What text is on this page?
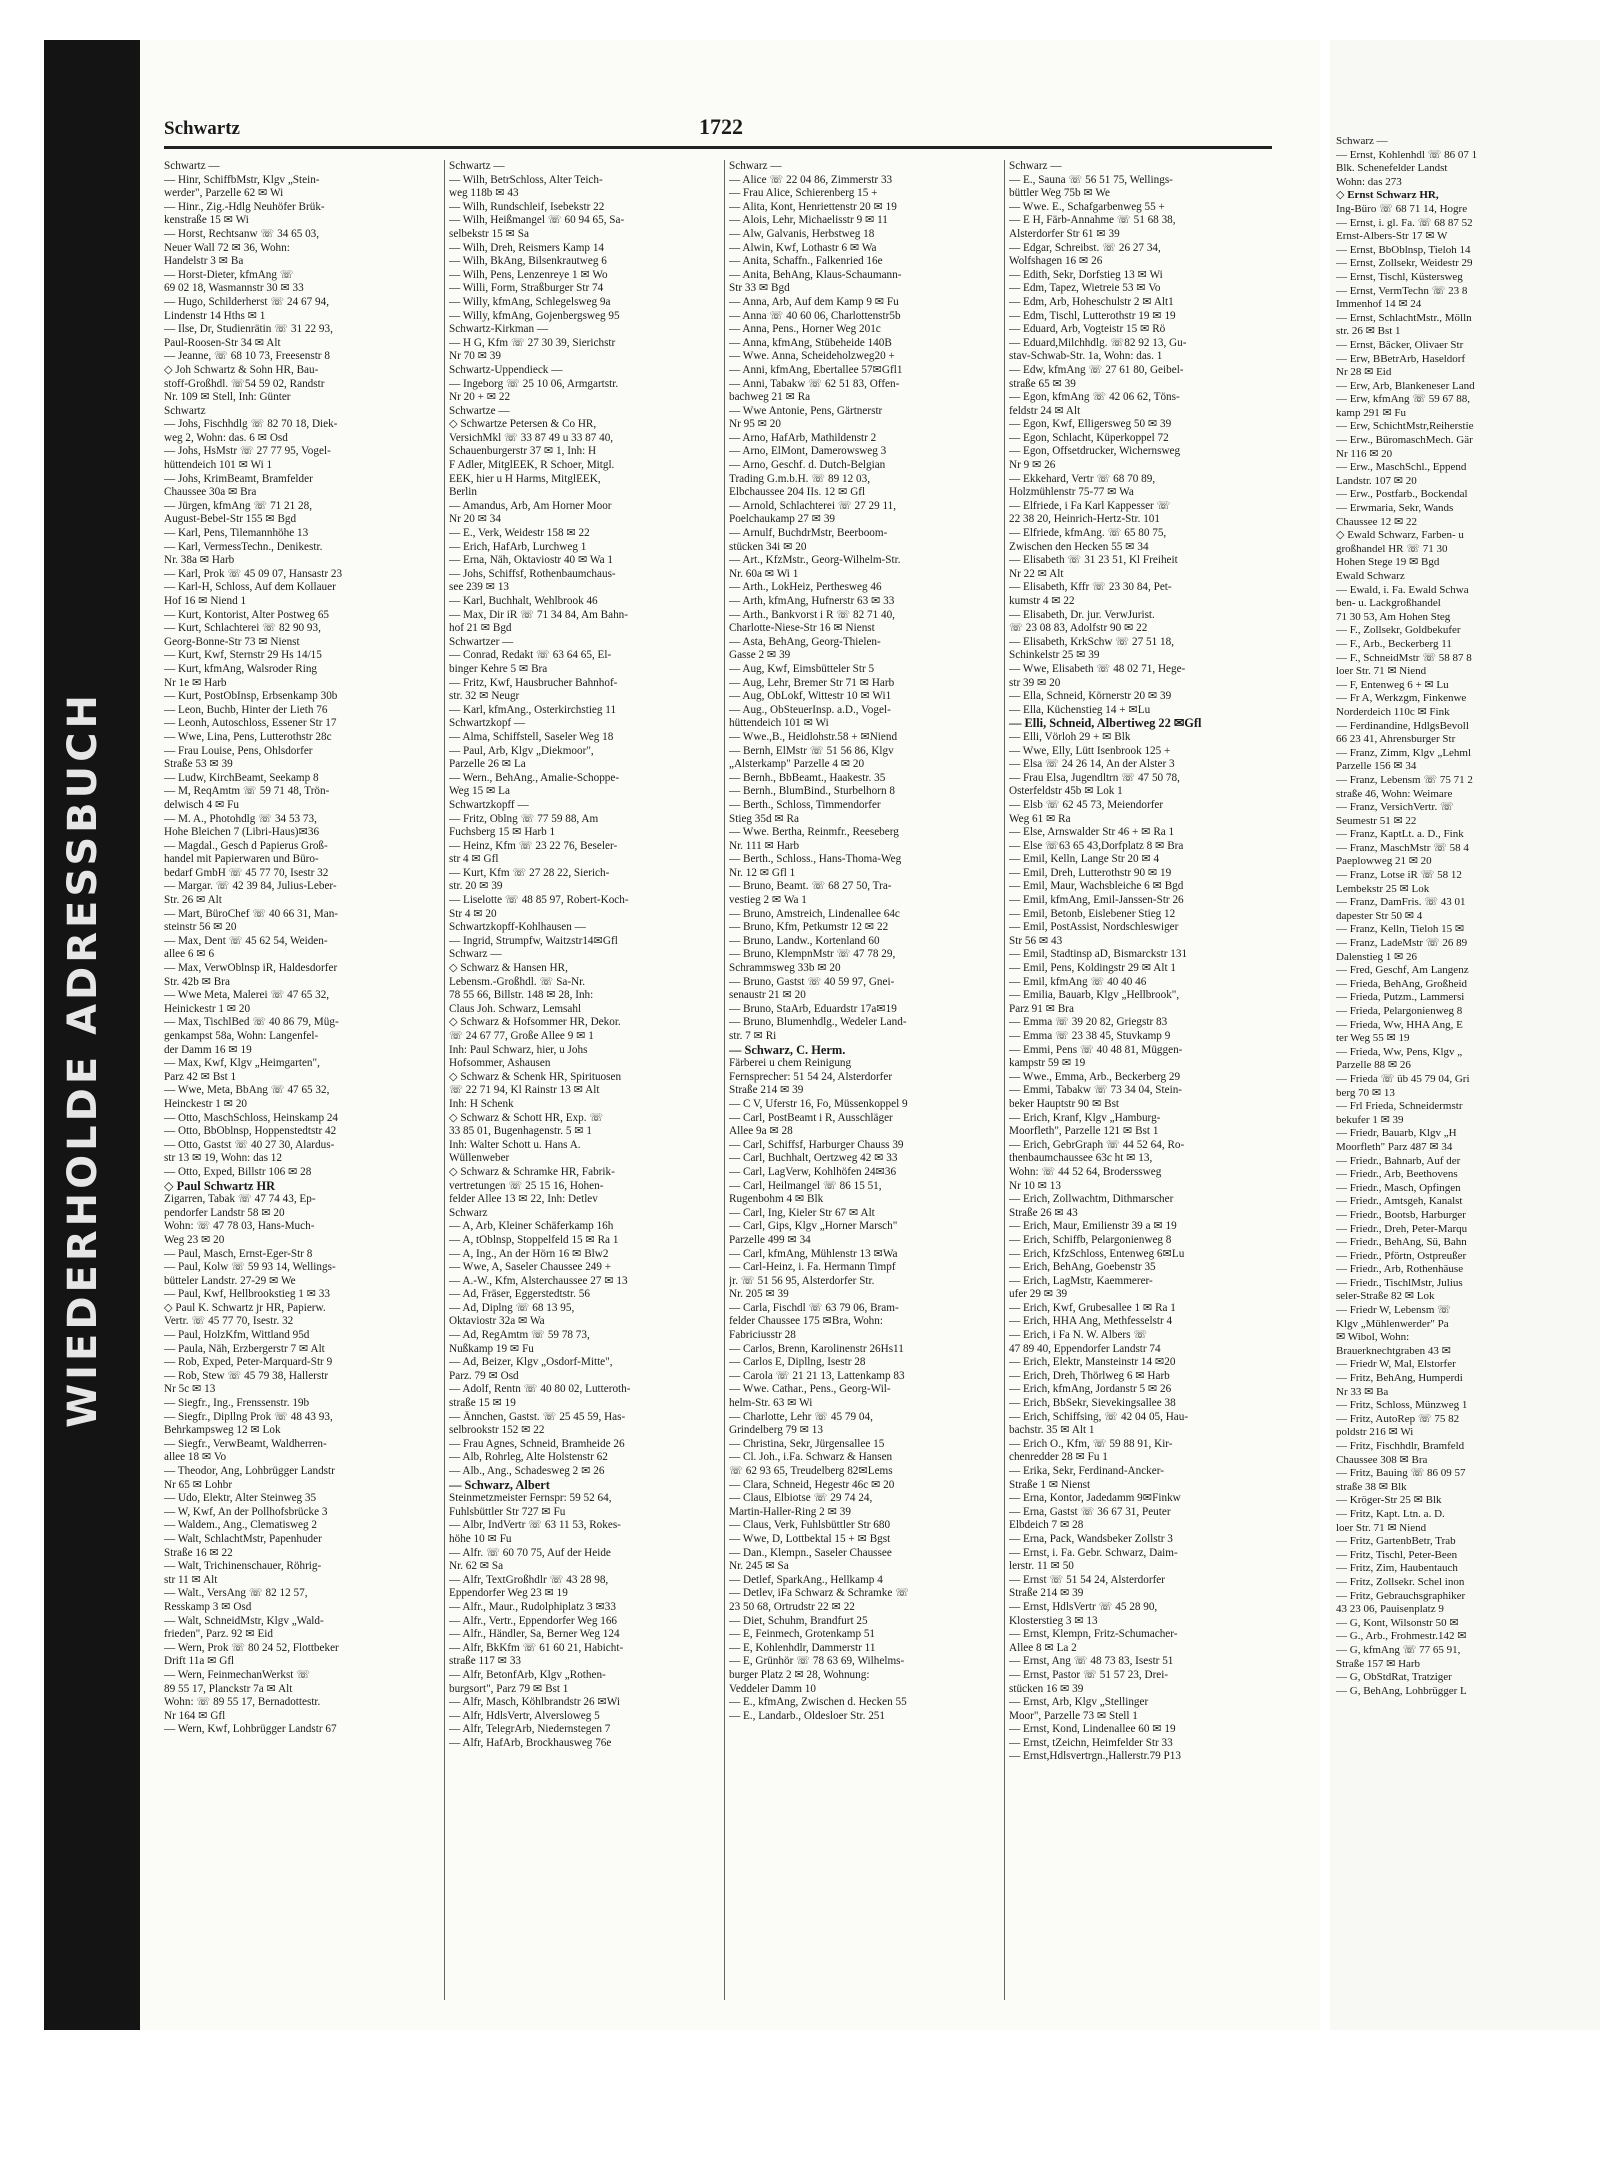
WIEDERHOLDE ADRESSBUCH
Schwartz	1722
Schwartz —
— Hinr, SchiffbMstr, Klgv „Stein-
werder", Parzelle 62 ✉ Wi
— Hinr., Zig.-Hdlg Neuhöfer Brük-
kenstraße 15 ✉ Wi
— Horst, Rechtsanw ☏ 34 65 03,
Neuer Wall 72 ✉ 36, Wohn:
Handelstr 3 ✉ Ba
— Horst-Dieter, kfmAng ☏
69 02 18, Wasmannstr 30 ✉ 33
— Hugo, Schilderherst ☏ 24 67 94,
Lindenstr 14 Hths ✉ 1
— Ilse, Dr, Studienrätin ☏ 31 22 93,
Paul-Roosen-Str 34 ✉ Alt
— Jeanne, ☏ 68 10 73, Freesenstr 8
◇ Joh Schwartz & Sohn HR, Bau-
stoff-Großhdl. ☏54 59 02, Randstr
Nr. 109 ✉ Stell, Inh: Günter
Schwartz
— Johs, Fischhdlg ☏ 82 70 18, Diek-
weg 2, Wohn: das. 6 ✉ Osd
— Johs, HsMstr ☏ 27 77 95, Vogel-
hüttendeich 101 ✉ Wi 1
— Johs, KrimBeamt, Bramfelder
Chaussee 30a ✉ Bra
— Jürgen, kfmAng ☏ 71 21 28,
August-Bebel-Str 155 ✉ Bgd
— Karl, Pens, Tilemannhöhe 13
— Karl, VermessTechn., Denikestr.
Nr. 38a ✉ Harb
— Karl, Prok ☏ 45 09 07, Hansastr 23
— Karl-H, Schloss, Auf dem Kollauer
Hof 16 ✉ Niend 1
— Kurt, Kontorist, Alter Postweg 65
— Kurt, Schlachterei ☏ 82 90 93,
Georg-Bonne-Str 73 ✉ Nienst
— Kurt, Kwf, Sternstr 29 Hs 14/15
— Kurt, kfmAng, Walsroder Ring
Nr 1e ✉ Harb
— Kurt, PostObInsp, Erbsenkamp 30b
— Leon, Buchb, Hinter der Lieth 76
— Leonh, Autoschloss, Essener Str 17
— Wwe, Lina, Pens, Lutterothstr 28c
— Frau Louise, Pens, Ohlsdorfer
Straße 53 ✉ 39
— Ludw, KirchBeamt, Seekamp 8
— M, ReqAmtm ☏ 59 71 48, Trön-
delwisch 4 ✉ Fu
— M. A., Photohdlg ☏ 34 53 73,
Hohe Bleichen 7 (Libri-Haus)✉36
— Magdal., Gesch d Papierus Groß-
handel mit Papierwaren und Büro-
bedarf GmbH ☏ 45 77 70, Isestr 32
— Margar. ☏ 42 39 84, Julius-Leber-
Str. 26 ✉ Alt
— Mart, BüroChef ☏ 40 66 31, Man-
steinstr 56 ✉ 20
— Max, Dent ☏ 45 62 54, Weiden-
allee 6 ✉ 6
— Max, VerwOblnsp iR, Haldesdorfer
Str. 42b ✉ Bra
— Wwe Meta, Malerei ☏ 47 65 32,
Heinickestr 1 ✉ 20
— Max, TischlBed ☏ 40 86 79, Müg-
genkampst 58a, Wohn: Langenfel-
der Damm 16 ✉ 19
— Max, Kwf, Klgv „Heimgarten",
Parz 42 ✉ Bst 1
— Wwe, Meta, BbAng ☏ 47 65 32,
Heinckestr 1 ✉ 20
— Otto, MaschSchloss, Heinskamp 24
— Otto, BbOblnsp, Hoppenstedtstr 42
— Otto, Gastst ☏ 40 27 30, Alardus-
str 13 ✉ 19, Wohn: das 12
— Otto, Exped, Billstr 106 ✉ 28
◇ Paul Schwartz HR
Zigarren, Tabak ☏ 47 74 43, Ep-
pendorfer Landstr 58 ✉ 20
Wohn: ☏ 47 78 03, Hans-Much-
Weg 23 ✉ 20
— Paul, Masch, Ernst-Eger-Str 8
— Paul, Kolw ☏ 59 93 14, Wellings-
bütteler Landstr. 27-29 ✉ We
— Paul, Kwf, Hellbrookstieg 1 ✉ 33
◇ Paul K. Schwartz jr HR, Papierw.
Vertr. ☏ 45 77 70, Isestr. 32
— Paul, HolzKfm, Wittland 95d
— Paula, Näh, Erzbergerstr 7 ✉ Alt
— Rob, Exped, Peter-Marquard-Str 9
— Rob, Stew ☏ 45 79 38, Hallerstr
Nr 5c ✉ 13
— Siegfr., Ing., Frenssenstr. 19b
— Siegfr., Dipllng Prok ☏ 48 43 93,
Behrkampsweg 12 ✉ Lok
— Siegfr., VerwBeamt, Waldherren-
allee 18 ✉ Vo
— Theodor, Ang, Lohbrügger Landstr
Nr 65 ✉ Lohbr
— Udo, Elektr, Alter Steinweg 35
— W, Kwf, An der Pollhofsbrücke 3
— Waldem., Ang., Clematisweg 2
— Walt, SchlachtMstr, Papenhuder
Straße 16 ✉ 22
— Walt, Trichinenschauer, Röhrig-
str 11 ✉ Alt
— Walt., VersAng ☏ 82 12 57,
Resskamp 3 ✉ Osd
— Walt, SchneidMstr, Klgv „Wald-
frieden", Parz. 92 ✉ Eid
— Wern, Prok ☏ 80 24 52, Flottbeker
Drift 11a ✉ Gfl
— Wern, FeinmechanWerkst ☏
89 55 17, Planckstr 7a ✉ Alt
Wohn: ☏ 89 55 17, Bernadottestr.
Nr 164 ✉ Gfl
— Wern, Kwf, Lohbrügger Landstr 67
Schwartz —
— Wilh, BetrSchloss, Alter Teich-
weg 118b ✉ 43
— Wilh, Rundschleif, Isebekstr 22
— Wilh, Heißmangel ☏ 60 94 65, Sa-
selbekstr 15 ✉ Sa
— Wilh, Dreh, Reismers Kamp 14
— Wilh, BkAng, Bilsenkrautweg 6
— Wilh, Pens, Lenzenreye 1 ✉ Wo
— Willi, Form, Straßburger Str 74
— Willy, kfmAng, Schlegelsweg 9a
— Willy, kfmAng, Gojenbergsweg 95
Schwartz-Kirkman —
— H G, Kfm ☏ 27 30 39, Sierichstr
Nr 70 ✉ 39
Schwartz-Uppendieck —
— Ingeborg ☏ 25 10 06, Armgartstr.
Nr 20 + ✉ 22
Schwartze —
◇ Schwartze Petersen & Co HR,
VersichMkl ☏ 33 87 49 u 33 87 40,
Schauenburgerstr 37 ✉ 1, Inh: H
F Adler, MitglEEK, R Schoer, Mitgl.
EEK, hier u H Harms, MitglEEK,
Berlin
— Amandus, Arb, Am Horner Moor
Nr 20 ✉ 34
— E., Verk, Weidestr 158 ✉ 22
— Erich, HafArb, Lurchweg 1
— Erna, Näh, Oktaviostr 40 ✉ Wa 1
— Johs, Schiffsf, Rothenbaumchaus-
see 239 ✉ 13
— Karl, Buchhalt, Wehlbrook 46
— Max, Dir iR ☏ 71 34 84, Am Bahn-
hof 21 ✉ Bgd
Schwartzer —
— Conrad, Redakt ☏ 63 64 65, El-
binger Kehre 5 ✉ Bra
— Fritz, Kwf, Hausbrucher Bahnhof-
str. 32 ✉ Neugr
— Karl, kfmAng., Osterkirchstieg 11
Schwartzkopf —
— Alma, Schiffstell, Saseler Weg 18
— Paul, Arb, Klgv „Diekmoor",
Parzelle 26 ✉ La
— Wern., BehAng., Amalie-Schoppe-
Weg 15 ✉ La
Schwartzkopff —
— Fritz, Oblng ☏ 77 59 88, Am
Fuchsberg 15 ✉ Harb 1
— Heinz, Kfm ☏ 23 22 76, Beseler-
str 4 ✉ Gfl
— Kurt, Kfm ☏ 27 28 22, Sierich-
str. 20 ✉ 39
— Liselotte ☏ 48 85 97, Robert-Koch-
Str 4 ✉ 20
Schwartzkopff-Kohlhausen —
— Ingrid, Strumpfw, Waitzstr14✉Gfl
Schwarz —
◇ Schwarz & Hansen HR,
Lebensm.-Großhdl. ☏ Sa-Nr.
78 55 66, Billstr. 148 ✉ 28, Inh:
Claus Joh. Schwarz, Lemsahl
◇ Schwarz & Hofsommer HR, Dekor.
☏ 24 67 77, Große Allee 9 ✉ 1
Inh: Paul Schwarz, hier, u Johs
Hofsommer, Ashausen
◇ Schwarz & Schenk HR, Spirituosen
☏ 22 71 94, Kl Rainstr 13 ✉ Alt
Inh: H Schenk
◇ Schwarz & Schott HR, Exp. ☏
33 85 01, Bugenhagenstr. 5 ✉ 1
Inh: Walter Schott u. Hans A.
Wüllenweber
◇ Schwarz & Schramke HR, Fabrik-
vertretungen ☏ 25 15 16, Hohen-
felder Allee 13 ✉ 22, Inh: Detlev
Schwarz
— A, Arb, Kleiner Schäferkamp 16h
— A, tOblnsp, Stoppelfeld 15 ✉ Ra 1
— A, Ing., An der Hörn 16 ✉ Blw2
— Wwe, A, Saseler Chaussee 249 +
— A.-W., Kfm, Alsterchaussee 27 ✉ 13
— Ad, Fräser, Eggerstedtstr. 56
— Ad, Diplng ☏ 68 13 95,
Oktaviostr 32a ✉ Wa
— Ad, RegAmtm ☏ 59 78 73,
Nußkamp 19 ✉ Fu
— Ad, Beizer, Klgv „Osdorf-Mitte",
Parz. 79 ✉ Osd
— Adolf, Rentn ☏ 40 80 02, Lutteroth-
straße 15 ✉ 19
— Ännchen, Gastst. ☏ 25 45 59, Has-
selbrookstr 152 ✉ 22
— Frau Agnes, Schneid, Bramheide 26
— Alb, Rohrleg, Alte Holstenstr 62
— Alb., Ang., Schadesweg 2 ✉ 26
— Schwarz, Albert
Steinmetzmeister Fernspr: 59 52 64,
Fuhlsbüttler Str 727 ✉ Fu
— Albr, IndVertr ☏ 63 11 53, Rokes-
höhe 10 ✉ Fu
— Alfr. ☏ 60 70 75, Auf der Heide
Nr. 62 ✉ Sa
— Alfr, TextGroßhdlr ☏ 43 28 98,
Eppendorfer Weg 23 ✉ 19
— Alfr., Maur., Rudolphiplatz 3 ✉33
— Alfr., Vertr., Eppendorfer Weg 166
— Alfr., Händler, Sa, Berner Weg 124
— Alfr, BkKfm ☏ 61 60 21, Habicht-
straße 117 ✉ 33
— Alfr, BetonfArb, Klgv „Rothen-
burgsort", Parz 79 ✉ Bst 1
— Alfr, Masch, Köhlbrandstr 26 ✉Wi
— Alfr, HdlsVertr, Alversloweg 5
— Alfr, TelegrArb, Niedernstegen 7
— Alfr, HafArb, Brockhausweg 76e
Schwarz —
— Alice ☏ 22 04 86, Zimmerstr 33
— Frau Alice, Schierenberg 15 +
— Alita, Kont, Henriettenstr 20 ✉ 19
— Alois, Lehr, Michaelisstr 9 ✉ 11
— Alw, Galvanis, Herbstweg 18
— Alwin, Kwf, Lothastr 6 ✉ Wa
— Anita, Schaffn., Falkenried 16e
— Anita, BehAng, Klaus-Schaumann-
Str 33 ✉ Bgd
— Anna, Arb, Auf dem Kamp 9 ✉ Fu
— Anna ☏ 40 60 06, Charlottenstr5b
— Anna, Pens., Horner Weg 201c
— Anna, kfmAng, Stübeheide 140B
— Wwe. Anna, Scheideholzweg20 +
— Anni, kfmAng, Ebertallee 57✉Gfl1
— Anni, Tabakw ☏ 62 51 83, Offen-
bachweg 21 ✉ Ra
— Wwe Antonie, Pens, Gärtnerstr
Nr 95 ✉ 20
— Arno, HafArb, Mathildenstr 2
— Arno, ElMont, Damerowsweg 3
— Arno, Geschf. d. Dutch-Belgian
Trading G.m.b.H. ☏ 89 12 03,
Elbchaussee 204 IIs. 12 ✉ Gfl
— Arnold, Schlachterei ☏ 27 29 11,
Poelchaukamp 27 ✉ 39
— Arnulf, BuchdrMstr, Beerboom-
stücken 34i ✉ 20
— Art., KfzMstr., Georg-Wilhelm-Str.
Nr. 60a ✉ Wi 1
— Arth., LokHeiz, Perthesweg 46
— Arth, kfmAng, Hufnerstr 63 ✉ 33
— Arth., Bankvorst i R ☏ 82 71 40,
Charlotte-Niese-Str 16 ✉ Nienst
— Asta, BehAng, Georg-Thielen-
Gasse 2 ✉ 39
— Aug, Kwf, Eimsbütteler Str 5
— Aug, Lehr, Bremer Str 71 ✉ Harb
— Aug, ObLokf, Wittestr 10 ✉ Wi1
— Aug., ObSteuerInsp. a.D., Vogel-
hüttendeich 101 ✉ Wi
— Wwe.,B., Heidlohstr.58 + ✉Niend
— Bernh, ElMstr ☏ 51 56 86, Klgv
„Alsterkamp" Parzelle 4 ✉ 20
— Bernh., BbBeamt., Haakestr. 35
— Bernh., BlumBind., Sturbelhorn 8
— Berth., Schloss, Timmendorfer
Stieg 35d ✉ Ra
— Wwe. Bertha, Reinmfr., Reeseberg
Nr. 111 ✉ Harb
— Berth., Schloss., Hans-Thoma-Weg
Nr. 12 ✉ Gfl 1
— Bruno, Beamt. ☏ 68 27 50, Tra-
vestieg 2 ✉ Wa 1
— Bruno, Amstreich, Lindenallee 64c
— Bruno, Kfm, Petkumstr 12 ✉ 22
— Bruno, Landw., Kortenland 60
— Bruno, KlempnMstr ☏ 47 78 29,
Schrammsweg 33b ✉ 20
— Bruno, Gastst ☏ 40 59 97, Gnei-
senaustr 21 ✉ 20
— Bruno, StaArb, Eduardstr 17a✉19
— Bruno, Blumenhdlg., Wedeler Land-
str. 7 ✉ Ri
— Schwarz, C. Herm.
Färberei u chem Reinigung
Fernsprecher: 51 54 24, Alsterdorfer
Straße 214 ✉ 39
— C V, Uferstr 16, Fo, Müssenkoppel 9
— Carl, PostBeamt i R, Ausschläger
Allee 9a ✉ 28
— Carl, Schiffsf, Harburger Chauss 39
— Carl, Buchhalt, Oertzweg 42 ✉ 33
— Carl, LagVerw, Kohlhöfen 24✉36
— Carl, Heilmangel ☏ 86 15 51,
Rugenbohm 4 ✉ Blk
— Carl, Ing, Kieler Str 67 ✉ Alt
— Carl, Gips, Klgv „Horner Marsch"
Parzelle 499 ✉ 34
— Carl, kfmAng, Mühlenstr 13 ✉Wa
— Carl-Heinz, i. Fa. Hermann Timpf
jr. ☏ 51 56 95, Alsterdorfer Str.
Nr. 205 ✉ 39
— Carla, Fischdl ☏ 63 79 06, Bram-
felder Chaussee 175 ✉Bra, Wohn:
Fabriciusstr 28
— Carlos, Brenn, Karolinenstr 26Hs11
— Carlos E, Dipllng, Isestr 28
— Carola ☏ 21 21 13, Lattenkamp 83
— Wwe. Cathar., Pens., Georg-Wil-
helm-Str. 63 ✉ Wi
— Charlotte, Lehr ☏ 45 79 04,
Grindelberg 79 ✉ 13
— Christina, Sekr, Jürgensallee 15
— Cl. Joh., i.Fa. Schwarz & Hansen
☏ 62 93 65, Treudelberg 82✉Lems
— Clara, Schneid, Hegestr 46c ✉ 20
— Claus, Elbiotse ☏ 29 74 24,
Martin-Haller-Ring 2 ✉ 39
— Claus, Verk, Fuhlsbüttler Str 680
— Wwe, D, Lottbektal 15 + ✉ Bgst
— Dan., Klempn., Saseler Chaussee
Nr. 245 ✉ Sa
— Detlef, SparkAng., Hellkamp 4
— Detlev, iFa Schwarz & Schramke ☏
23 50 68, Ortrudstr 22 ✉ 22
— Diet, Schuhm, Brandfurt 25
— E, Feinmech, Grotenkamp 51
— E, Kohlenhdlr, Dammerstr 11
— E, Grünhör ☏ 78 63 69, Wilhelms-
burger Platz 2 ✉ 28, Wohnung:
Veddeler Damm 10
— E., kfmAng, Zwischen d. Hecken 55
— E., Landarb., Oldesloer Str. 251
Schwarz —
— E., Sauna ☏ 56 51 75, Wellings-
büttler Weg 75b ✉ We
— Wwe. E., Schafgarbenweg 55 +
— E H, Färb-Annahme ☏ 51 68 38,
Alsterdorfer Str 61 ✉ 39
— Edgar, Schreibst. ☏ 26 27 34,
Wolfshagen 16 ✉ 26
— Edith, Sekr, Dorfstieg 13 ✉ Wi
— Edm, Tapez, Wietreie 53 ✉ Vo
— Edm, Arb, Hoheschulstr 2 ✉ Alt1
— Edm, Tischl, Lutterothstr 19 ✉ 19
— Eduard, Arb, Vogteistr 15 ✉ Rö
— Eduard,Milchhdlg. ☏82 92 13, Gu-
stav-Schwab-Str. 1a, Wohn: das. 1
— Edw, kfmAng ☏ 27 61 80, Geibel-
straße 65 ✉ 39
— Egon, kfmAng ☏ 42 06 62, Töns-
feldstr 24 ✉ Alt
— Egon, Kwf, Elligersweg 50 ✉ 39
— Egon, Schlacht, Küperkoppel 72
— Egon, Offsetdrucker, Wichernsweg
Nr 9 ✉ 26
— Ekkehard, Vertr ☏ 68 70 89,
Holzmühlenstr 75-77 ✉ Wa
— Elfriede, i Fa Karl Kappesser ☏
22 38 20, Heinrich-Hertz-Str. 101
— Elfriede, kfmAng. ☏ 65 80 75,
Zwischen den Hecken 55 ✉ 34
— Elisabeth ☏ 31 23 51, Kl Freiheit
Nr 22 ✉ Alt
— Elisabeth, Kffr ☏ 23 30 84, Pet-
kumstr 4 ✉ 22
— Elisabeth, Dr. jur. VerwJurist.
☏ 23 08 83, Adolfstr 90 ✉ 22
— Elisabeth, KrkSchw ☏ 27 51 18,
Schinkelstr 25 ✉ 39
— Wwe, Elisabeth ☏ 48 02 71, Hege-
str 39 ✉ 20
— Ella, Schneid, Körnerstr 20 ✉ 39
— Ella, Küchenstieg 14 + ✉Lu
— Elli, Schneid, Albertiweg 22 ✉Gfl
— Elli, Vörloh 29 + ✉ Blk
— Wwe, Elly, Lütt Isenbrook 125 +
— Elsa ☏ 24 26 14, An der Alster 3
— Frau Elsa, Jugendltrn ☏ 47 50 78,
Osterfeldstr 45b ✉ Lok 1
— Elsb ☏ 62 45 73, Meiendorfer
Weg 61 ✉ Ra
— Else, Arnswalder Str 46 + ✉ Ra 1
— Else ☏63 65 43,Dorfplatz 8 ✉ Bra
— Emil, Kelln, Lange Str 20 ✉ 4
— Emil, Dreh, Lutterothstr 90 ✉ 19
— Emil, Maur, Wachsbleiche 6 ✉ Bgd
— Emil, kfmAng, Emil-Janssen-Str 26
— Emil, Betonb, Eislebener Stieg 12
— Emil, PostAssist, Nordschleswiger
Str 56 ✉ 43
— Emil, Stadtinsp aD, Bismarckstr 131
— Emil, Pens, Koldingstr 29 ✉ Alt 1
— Emil, kfmAng ☏ 40 40 46
— Emilia, Bauarb, Klgv „Hellbrook",
Parz 91 ✉ Bra
— Emma ☏ 39 20 82, Griegstr 83
— Emma ☏ 23 38 45, Stuvkamp 9
— Emmi, Pens ☏ 40 48 81, Müggen-
kampstr 59 ✉ 19
— Wwe., Emma, Arb., Beckerberg 29
— Emmi, Tabakw ☏ 73 34 04, Stein-
beker Hauptstr 90 ✉ Bst
— Erich, Kranf, Klgv „Hamburg-
Moorfleth", Parzelle 121 ✉ Bst 1
— Erich, GebrGraph ☏ 44 52 64, Ro-
thenbaumchaussee 63c ht ✉ 13,
Wohn: ☏ 44 52 64, Broderssweg
Nr 10 ✉ 13
— Erich, Zollwachtm, Dithmarscher
Straße 26 ✉ 43
— Erich, Maur, Emilienstr 39 a ✉ 19
— Erich, Schiffb, Pelargonienweg 8
— Erich, KfzSchloss, Entenweg 6✉Lu
— Erich, BehAng, Goebenstr 35
— Erich, LagMstr, Kaemmerer-
ufer 29 ✉ 39
— Erich, Kwf, Grubesallee 1 ✉ Ra 1
— Erich, HHA Ang, Methfesselstr 4
— Erich, i Fa N. W. Albers ☏
47 89 40, Eppendorfer Landstr 74
— Erich, Elektr, Mansteinstr 14 ✉20
— Erich, Dreh, Thörlweg 6 ✉ Harb
— Erich, kfmAng, Jordanstr 5 ✉ 26
— Erich, BbSekr, Sievekingsallee 38
— Erich, Schiffsing, ☏ 42 04 05, Hau-
bachstr. 35 ✉ Alt 1
— Erich O., Kfm, ☏ 59 88 91, Kir-
chenredder 28 ✉ Fu 1
— Erika, Sekr, Ferdinand-Ancker-
Straße 1 ✉ Nienst
— Erna, Kontor, Jadedamm 9✉Finkw
— Erna, Gastst ☏ 36 67 31, Peuter
Elbdeich 7 ✉ 28
— Erna, Pack, Wandsbeker Zollstr 3
— Ernst, i. Fa. Gebr. Schwarz, Daim-
lerstr. 11 ✉ 50
— Ernst ☏ 51 54 24, Alsterdorfer
Straße 214 ✉ 39
— Ernst, HdlsVertr ☏ 45 28 90,
Klosterstieg 3 ✉ 13
— Ernst, Klempn, Fritz-Schumacher-
Allee 8 ✉ La 2
— Ernst, Ang ☏ 48 73 83, Isestr 51
— Ernst, Pastor ☏ 51 57 23, Drei-
stücken 16 ✉ 39
— Ernst, Arb, Klgv „Stellinger
Moor", Parzelle 73 ✉ Stell 1
— Ernst, Kond, Lindenallee 60 ✉ 19
— Ernst, tZeichn, Heimfelder Str 33
— Ernst,Hdlsvertrgn.,Hallerstr.79 P13
Schwarz —
— Ernst, Kohlenhdl ☏ 86 07 1
Blk. Schenefelder Landst
Wohn: das 273
◇ Ernst Schwarz HR,
Ing-Büro ☏ 68 71 14, Hogre
— Ernst, i. gl. Fa. ☏ 68 87 52
Ernst-Albers-Str 17 ✉ W
— Ernst, BbOblnsp, Tieloh 14
— Ernst, Zollsekr, Weidestr 29
— Ernst, Tischl, Küstersweg
— Ernst, VermTechn ☏ 23 8
Immenhof 14 ✉ 24
— Ernst, SchlachtMstr., Mölln
str. 26 ✉ Bst 1
— Ernst, Bäcker, Olivaer Str
— Erw, BBetrArb, Haseldorf
Nr 28 ✉ Eid
— Erw, Arb, Blankeneser Land
— Erw, kfmAng ☏ 59 67 88,
kamp 291 ✉ Fu
— Erw, SchichtMstr,Reiherstie
— Erw., BüromaschMech. Gär
Nr 116 ✉ 20
— Erw., MaschSchl., Eppend
Landstr. 107 ✉ 20
— Erw., Postfarb., Bockendal
— Erwmaria, Sekr, Wands
Chaussee 12 ✉ 22
◇ Ewald Schwarz, Farben- u
großhandel HR ☏ 71 30
Hohen Stege 19 ✉ Bgd
Ewald Schwarz
— Ewald, i. Fa. Ewald Schwa
ben- u. Lackgroßhandel
71 30 53, Am Hohen Steg
— F., Zollsekr, Goldbekufer
— F., Arb., Beckerberg 11
— F., SchneidMstr ☏ 58 87 8
loer Str. 71 ✉ Niend
— F, Entenweg 6 + ✉ Lu
— Fr A, Werkzgm, Finkenwe
Norderdeich 110c ✉ Fink
— Ferdinandine, HdlgsBevoll
66 23 41, Ahrensburger Str
— Franz, Zimm, Klgv „Lehml
Parzelle 156 ✉ 34
— Franz, Lebensm ☏ 75 71 2
straße 46, Wohn: Weimare
— Franz, VersichVertr. ☏
Seumestr 51 ✉ 22
— Franz, KaptLt. a. D., Fink
— Franz, MaschMstr ☏ 58 4
Paeplowweg 21 ✉ 20
— Franz, Lotse iR ☏ 58 12
Lembekstr 25 ✉ Lok
— Franz, DamFris. ☏ 43 01
dapester Str 50 ✉ 4
— Franz, Kelln, Tieloh 15 ✉
— Franz, LadeMstr ☏ 26 89
Dalenstieg 1 ✉ 26
— Fred, Geschf, Am Langenz
— Frieda, BehAng, Großheid
— Frieda, Putzm., Lammersi
— Frieda, Pelargonienweg 8
— Frieda, Ww, HHA Ang, E
ter Weg 55 ✉ 19
— Frieda, Ww, Pens, Klgv „
Parzelle 88 ✉ 26
— Frieda ☏ üb 45 79 04, Gri
berg 70 ✉ 13
— Frl Frieda, Schneidermstr
bekufer 1 ✉ 39
— Friedr, Bauarb, Klgv „H
Moorfleth" Parz 487 ✉ 34
— Friedr., Bahnarb, Auf der
— Friedr., Arb, Beethovens
— Friedr., Masch, Opfingen
— Friedr., Amtsgeh, Kanalst
— Friedr., Bootsb, Harburger
— Friedr., Dreh, Peter-Marqu
— Friedr., BehAng, Sü, Bahn
— Friedr., Pförtn, Ostpreußer
— Friedr., Arb, Rothenhäuse
— Friedr., TischlMstr, Julius
seler-Straße 82 ✉ Lok
— Friedr W, Lebensm ☏
Klgv „Mühlenwerder" Pa
✉ Wibol, Wohn:
Brauerknechtgraben 43 ✉
— Friedr W, Mal, Elstorfer
— Fritz, BehAng, Humperdi
Nr 33 ✉ Ba
— Fritz, Schloss, Münzweg 1
— Fritz, AutoRep ☏ 75 82
poldstr 216 ✉ Wi
— Fritz, Fischhdlr, Bramfeld
Chaussee 308 ✉ Bra
— Fritz, Bauing ☏ 86 09 57
straße 38 ✉ Blk
— Kröger-Str 25 ✉ Blk
— Fritz, Kapt. Ltn. a. D.
loer Str. 71 ✉ Niend
— Fritz, GartenbBetr, Trab
— Fritz, Tischl, Peter-Been
— Fritz, Zim, Haubentauch
— Fritz, Zollsekr. Schel inon
— Fritz, Gebrauchsgraphiker
43 23 06, Pauisenplatz 9
— G, Kont, Wilsonstr 50 ✉
— G., Arb., Frohmestr.142 ✉
— G, kfmAng ☏ 77 65 91,
Straße 157 ✉ Harb
— G, ObStdRat, Tratziger
— G, BehAng, Lohbrügger L
